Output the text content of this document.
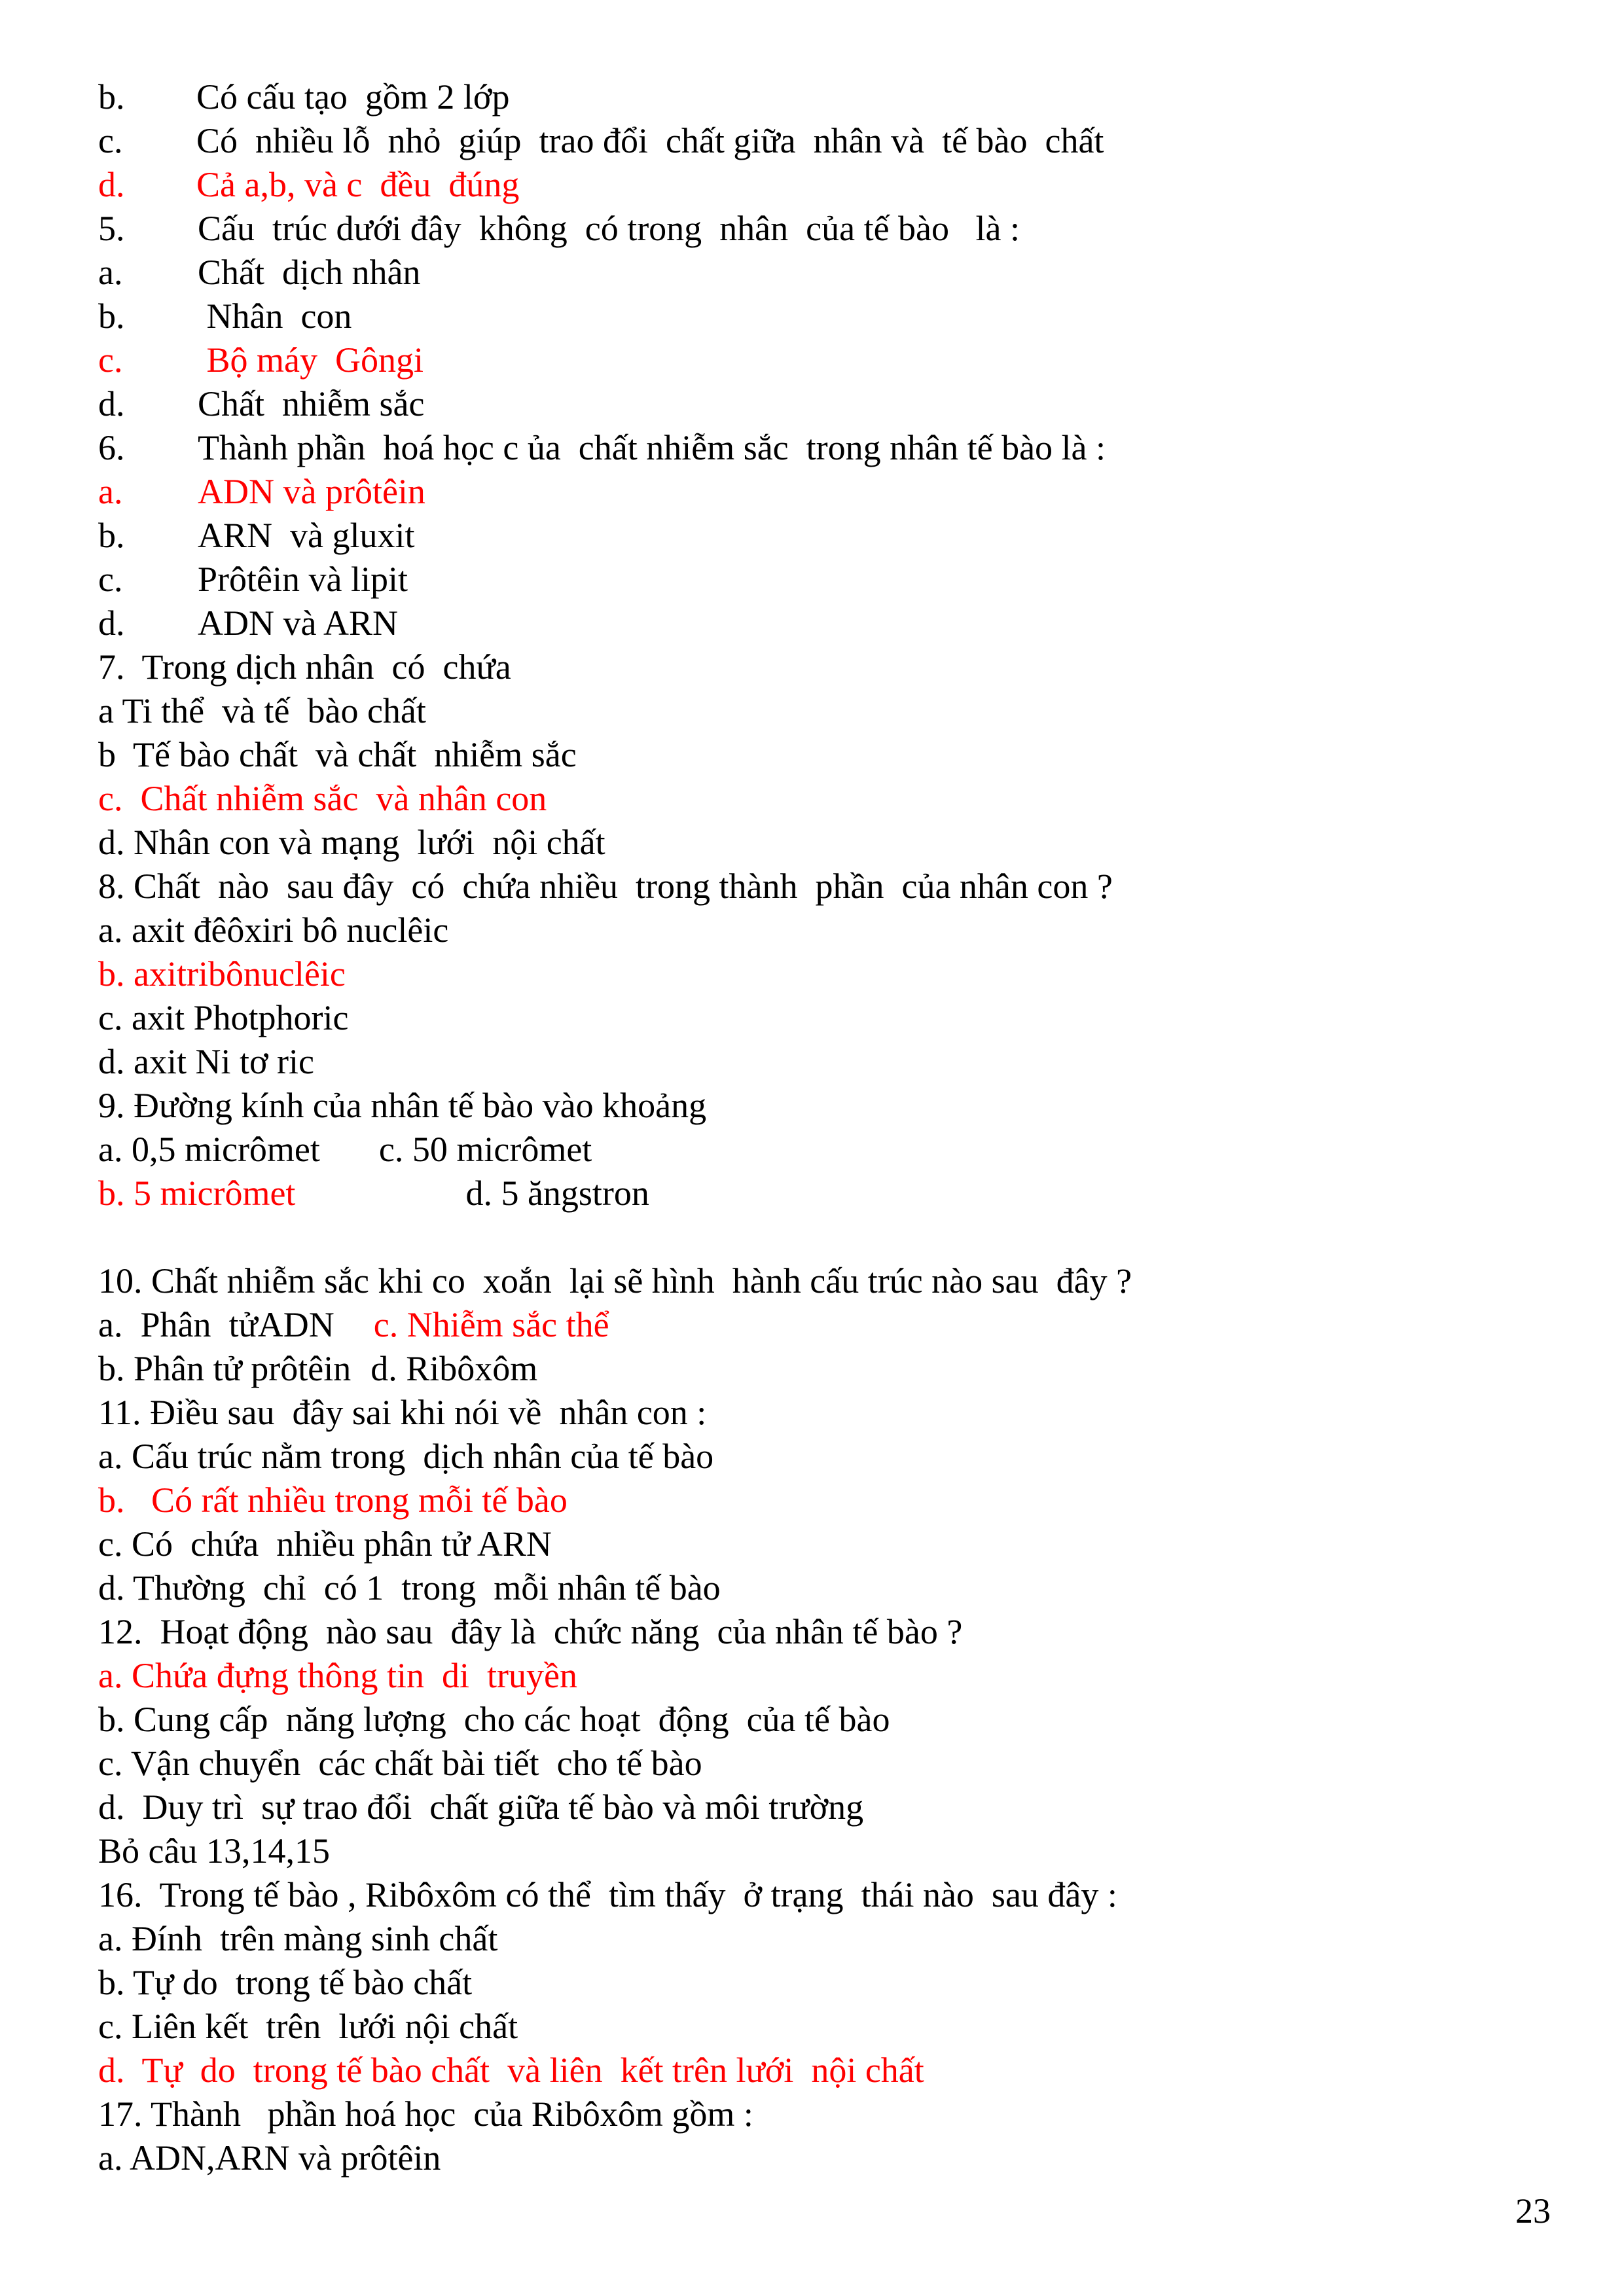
b.	Có cấu tạo  gồm 2 lớp
c.	Có  nhiều lỗ  nhỏ  giúp  trao đổi  chất giữa  nhân và  tế bào  chất
d.	Cả a,b, và c  đều  đúng
5.	Cấu  trúc dưới đây  không  có trong  nhân  của tế bào   là :
a.	Chất  dịch nhân
b.	Nhân  con
c.	Bộ máy  Gôngi
d.	Chất  nhiễm sắc
6.	Thành phần  hoá học c ủa  chất nhiễm sắc  trong nhân tế bào là :
a.	ADN và prôtêin
b.	ARN  và gluxit
c.	Prôtêin và lipit
d.	ADN và ARN
7.  Trong dịch nhân  có  chứa
a Ti thể  và tế  bào chất
b  Tế bào chất  và chất  nhiễm sắc
c.  Chất nhiễm sắc  và nhân con
d. Nhân con và mạng  lưới  nội chất
8. Chất  nào  sau đây  có  chứa nhiều  trong thành  phần  của nhân con ?
a. axit đêôxiri bô nuclêic
b. axitribônuclêic
c. axit Photphoric
d. axit Ni tơ ric
9. Đường kính của nhân tế bào vào khoảng
a. 0,5 micrômet c. 50 micrômet
b. 5 micrômet	d. 5 ăngstron
10. Chất nhiễm sắc khi co  xoắn  lại sẽ hình  hành cấu trúc nào sau  đây ?
a.  Phân  tửADN c. Nhiễm sắc thể
b. Phân tử prôtêin d. Ribôxôm
11. Điều sau  đây sai khi nói về  nhân con :
a. Cấu trúc nằm trong  dịch nhân của tế bào
b.   Có rất nhiều trong mỗi tế bào
c. Có  chứa  nhiều phân tử ARN
d. Thường  chỉ  có 1  trong  mỗi nhân tế bào
12.  Hoạt động  nào sau  đây là  chức năng  của nhân tế bào ?
a. Chứa đựng thông tin  di  truyền
b. Cung cấp  năng lượng  cho các hoạt  động  của tế bào
c. Vận chuyển  các chất bài tiết  cho tế bào
d.  Duy trì  sự trao đổi  chất giữa tế bào và môi trường
Bỏ câu 13,14,15
16.  Trong tế bào , Ribôxôm có thể  tìm thấy  ở trạng  thái nào  sau đây :
a. Đính  trên màng sinh chất
b. Tự do  trong tế bào chất
c. Liên kết  trên  lưới nội chất
d.  Tự  do  trong tế bào chất  và liên  kết trên lưới  nội chất
17. Thành   phần hoá học  của Ribôxôm gồm :
a. ADN,ARN và prôtêin
23
